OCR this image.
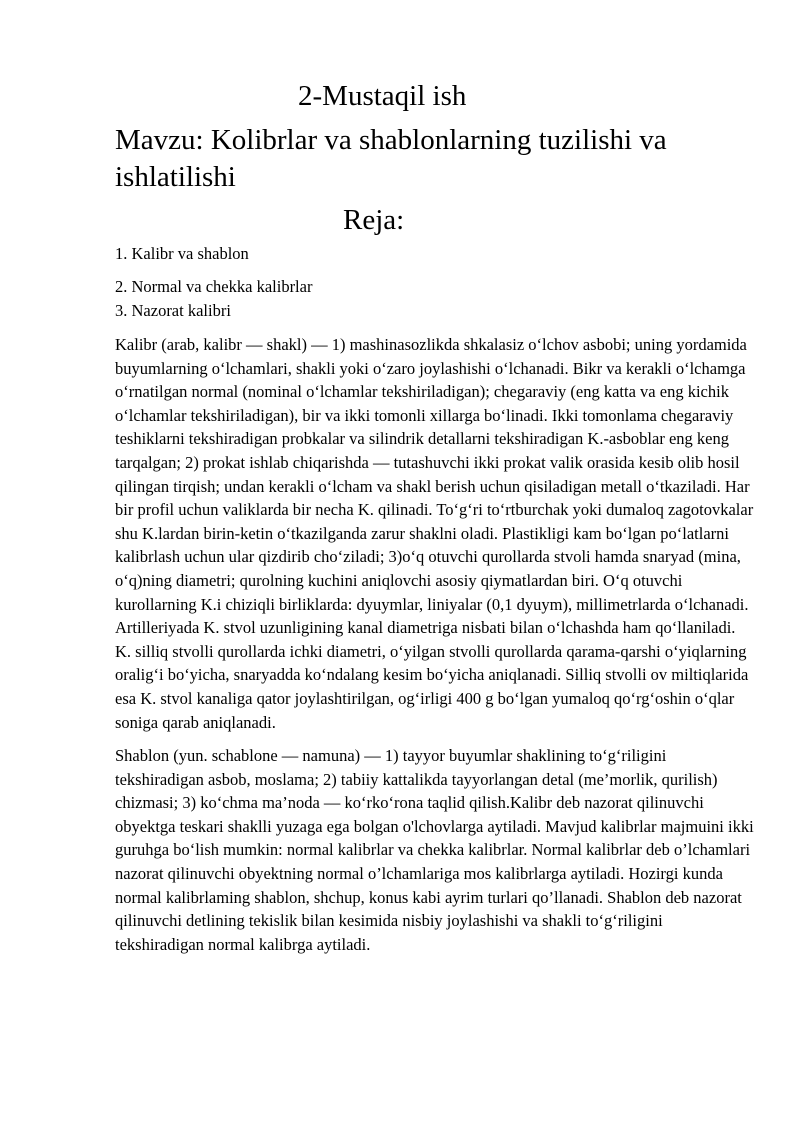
2-Mustaqil ish
Mavzu: Kolibrlar va shablonlarning tuzilishi va ishlatilishi
Reja:
1. Kalibr va shablon
2. Normal va chekka kalibrlar
3. Nazorat kalibri

Kalibr (arab, kalibr — shakl) — 1) mashinasozlikda shkalasiz o‘lchov asbobi; uning yordamida buyumlarning o‘lchamlari, shakli yoki o‘zaro joylashishi o‘lchanadi. Bikr va kerakli o‘lchamga o‘rnatilgan normal (nominal o‘lchamlar tekshiriladigan); chegaraviy (eng katta va eng kichik o‘lchamlar tekshiriladigan), bir va ikki tomonli xillarga bo‘linadi. Ikki tomonlama chegaraviy teshiklarni tekshiradigan probkalar va silindrik detallarni tekshiradigan K.-asboblar eng keng tarqalgan; 2) prokat ishlab chiqarishda — tutashuvchi ikki prokat valik orasida kesib olib hosil qilingan tirqish; undan kerakli o‘lcham va shakl berish uchun qisiladigan metall o‘tkaziladi. Har bir profil uchun valiklarda bir necha K. qilinadi. To‘g‘ri to‘rtburchak yoki dumaloq zagotovkalar shu K.lardan birin-ketin o‘tkazilganda zarur shaklni oladi. Plastikligi kam bo‘lgan po‘latlarni kalibrlash uchun ular qizdirib cho‘ziladi; 3)o‘q otuvchi qurollarda stvoli hamda snaryad (mina, o‘q)ning diametri; qurolning kuchini aniqlovchi asosiy qiymatlardan biri. O‘q otuvchi kurollarning K.i chiziqli birliklarda: dyuymlar, liniyalar (0,1 dyuym), millimetrlarda o‘lchanadi. Artilleriyada K. stvol uzunligining kanal diametriga nisbati bilan o‘lchashda ham qo‘llaniladi. K. silliq stvolli qurollarda ichki diametri, o‘yilgan stvolli qurollarda qarama-qarshi o‘yiqlarning oralig‘i bo‘yicha, snaryadda ko‘ndalang kesim bo‘yicha aniqlanadi. Silliq stvolli ov miltiqlarida esa K. stvol kanaliga qator joylashtirilgan, og‘irligi 400 g bo‘lgan yumaloq qo‘rg‘oshin o‘qlar soniga qarab aniqlanadi.

Shablon (yun. schablone — namuna) — 1) tayyor buyumlar shaklining to‘g‘riligini tekshiradigan asbob, moslama; 2) tabiiy kattalikda tayyorlangan detal (me’morlik, qurilish) chizmasi; 3) ko‘chma ma’noda — ko‘rko‘rona taqlid qilish.Kalibr deb nazorat qilinuvchi obyektga teskari shaklli yuzaga ega bolgan o'lchovlarga aytiladi. Mavjud kalibrlar majmuini ikki guruhga bo‘lish mumkin: normal kalibrlar va chekka kalibrlar. Normal kalibrlar deb o’lchamlari nazorat qilinuvchi obyektning normal o’lchamlariga mos kalibrlarga aytiladi. Hozirgi kunda normal kalibrlaming shablon, shchup, konus kabi ayrim turlari qo’llanadi. Shablon deb nazorat qilinuvchi detlining tekislik bilan kesimida nisbiy joylashishi va shakli to‘g‘riligini tekshiradigan normal kalibrga aytiladi.
